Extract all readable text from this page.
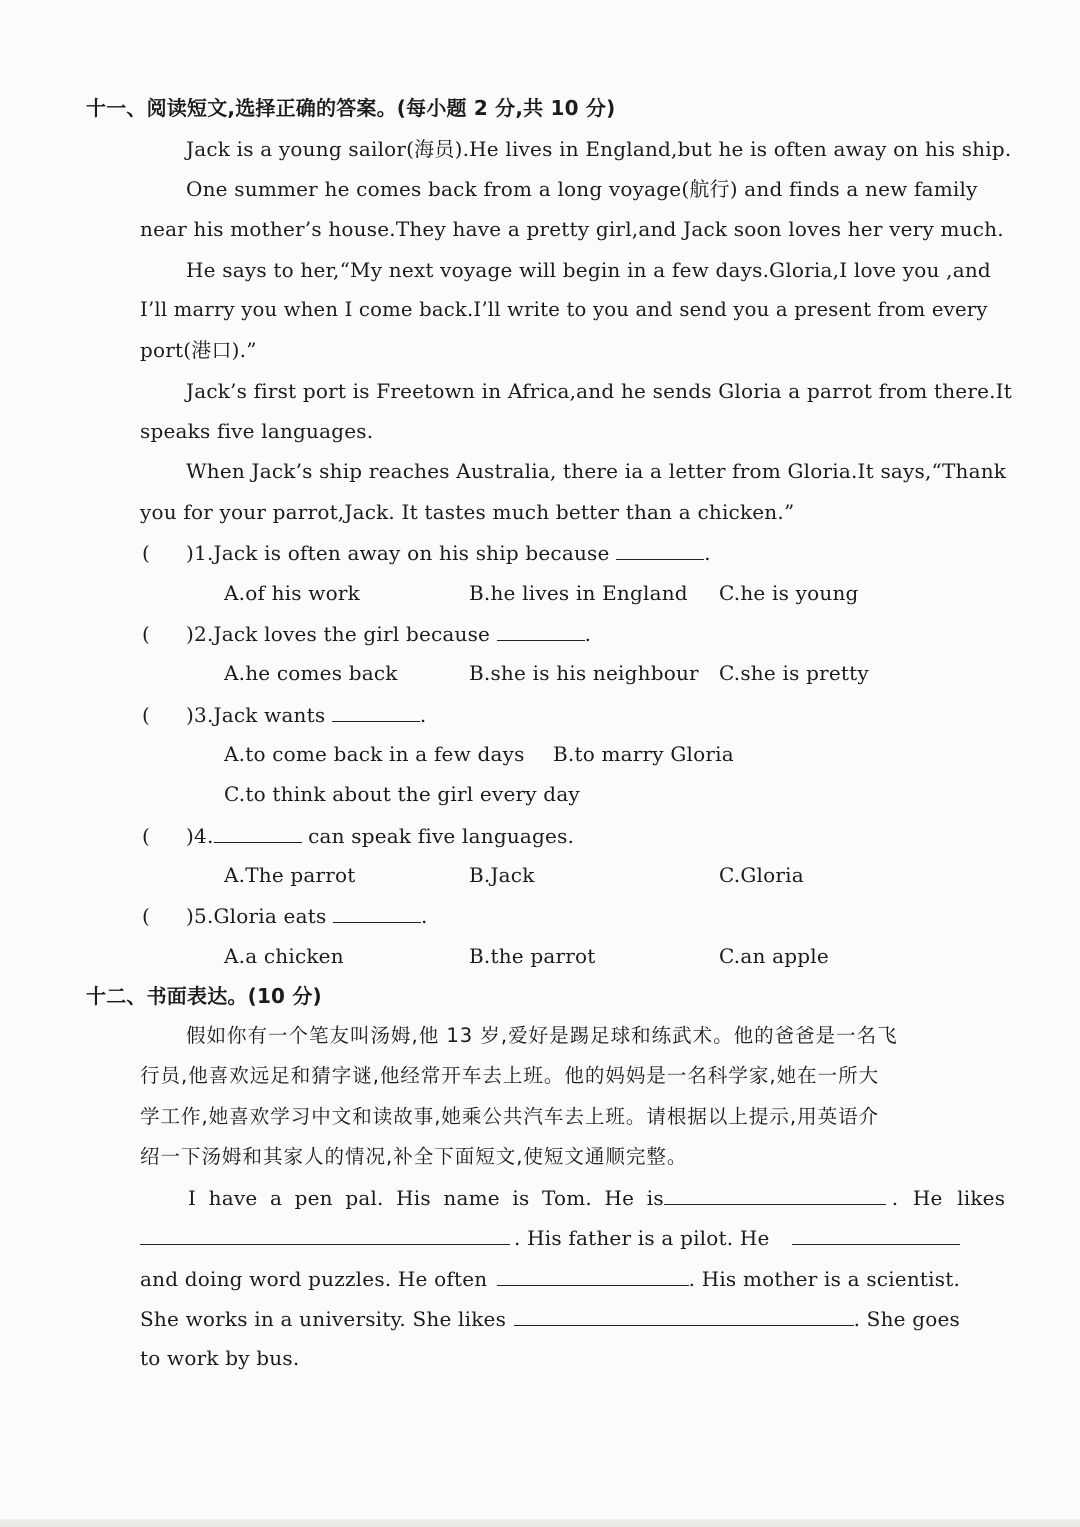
十一、阅读短文,选择正确的答案。(每小题 2 分,共 10 分)
Jack is a young sailor(海员).He lives in England,but he is often away on his ship.
One summer he comes back from a long voyage(航行) and finds a new family
near his mother’s house.They have a pretty girl,and Jack soon loves her very much.
He says to her,“My next voyage will begin in a few days.Gloria,I love you ,and
I’ll marry you when I come back.I’ll write to you and send you a present from every
port(港口).”
Jack’s first port is Freetown in Africa,and he sends Gloria a parrot from there.It
speaks five languages.
When Jack’s ship reaches Australia, there ia a letter from Gloria.It says,“Thank
you for your parrot,Jack. It tastes much better than a chicken.”
( )1.Jack is often away on his ship because	.
A.of his work	B.he lives in England C.he is young
( )2.Jack loves the girl because	.
A.he comes back	B.she is his neighbour C.she is pretty
( )3.Jack wants	.
A.to come back in a few days B.to marry Gloria
C.to think about the girl every day
( )4.	can speak five languages.
A.The parrot	B.Jack	C.Gloria
( )5.Gloria eats	.
A.a chicken	B.the parrot	C.an apple
十二、书面表达。(10 分)
假如你有一个笔友叫汤姆,他 13 岁,爱好是踢足球和练武术。他的爸爸是一名飞
行员,他喜欢远足和猜字谜,他经常开车去上班。他的妈妈是一名科学家,她在一所大
学工作,她喜欢学习中文和读故事,她乘公共汽车去上班。请根据以上提示,用英语介
绍一下汤姆和其家人的情况,补全下面短文,使短文通顺完整。
I have a pen pal. His name is Tom. He is	. He likes
. His father is a pilot. He
and doing word puzzles. He often	. His mother is a scientist.
She works in a university. She likes	. She goes
to work by bus.
